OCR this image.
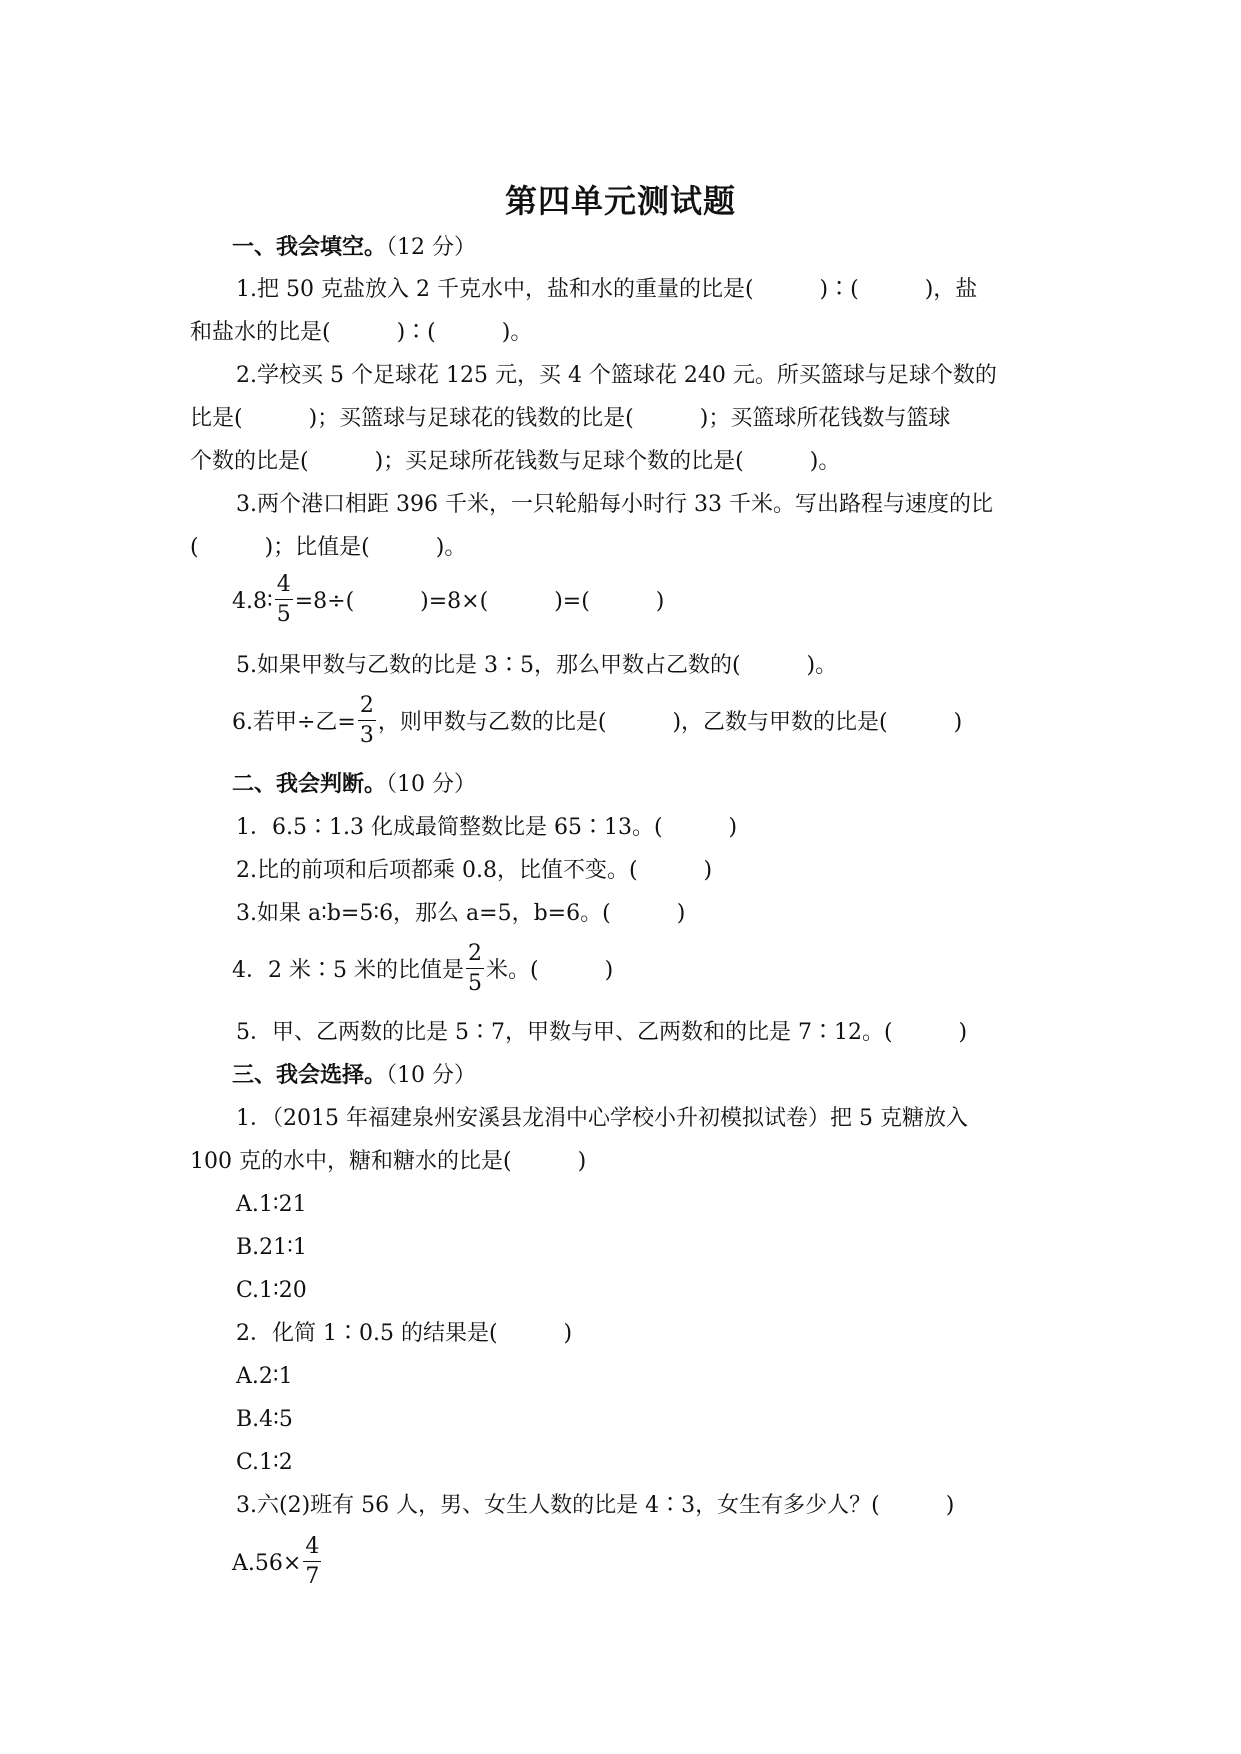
第四单元测试题
一、我会填空。（12 分）
1.把 50 克盐放入 2 千克水中，盐和水的重量的比是(　　　)∶(　　　)，盐
和盐水的比是(　　　)∶(　　　)。
2.学校买 5 个足球花 125 元，买 4 个篮球花 240 元。所买篮球与足球个数的
比是(　　　)；买篮球与足球花的钱数的比是(　　　)；买篮球所花钱数与篮球
个数的比是(　　　)；买足球所花钱数与足球个数的比是(　　　)。
3.两个港口相距 396 千米，一只轮船每小时行 33 千米。写出路程与速度的比
(　　　)；比值是(　　　)。
4.8∶ $\frac{4}{5} =8\div$(　　　)=8×(　　　)=(　　　)
5.如果甲数与乙数的比是 3∶5，那么甲数占乙数的(　　　)。
6.若甲÷乙= $\frac{2}{3}$ ，则甲数与乙数的比是(　　　)，乙数与甲数的比是(　　　)
二、我会判断。（10 分）
1．6.5∶1.3 化成最简整数比是 65∶13。(　　　)
2.比的前项和后项都乘 0.8，比值不变。(　　　)
3.如果 a∶b=5∶6，那么 a=5，b=6。(　　　)
4．2 米∶5 米的比值是 $\frac{2}{5}$ 米。(　　　)
5．甲、乙两数的比是 5∶7，甲数与甲、乙两数和的比是 7∶12。(　　　)
三、我会选择。（10 分）
1．（2015 年福建泉州安溪县龙涓中心学校小升初模拟试卷）把 5 克糖放入
100 克的水中，糖和糖水的比是(　　　)
A.1∶21
B.21∶1
C.1∶20
2．化简 1∶0.5 的结果是(　　　)
A.2∶1
B.4∶5
C.1∶2
3.六(2)班有 56 人，男、女生人数的比是 4∶3，女生有多少人？(　　　)
$A.56\times \frac{4}{7}$
